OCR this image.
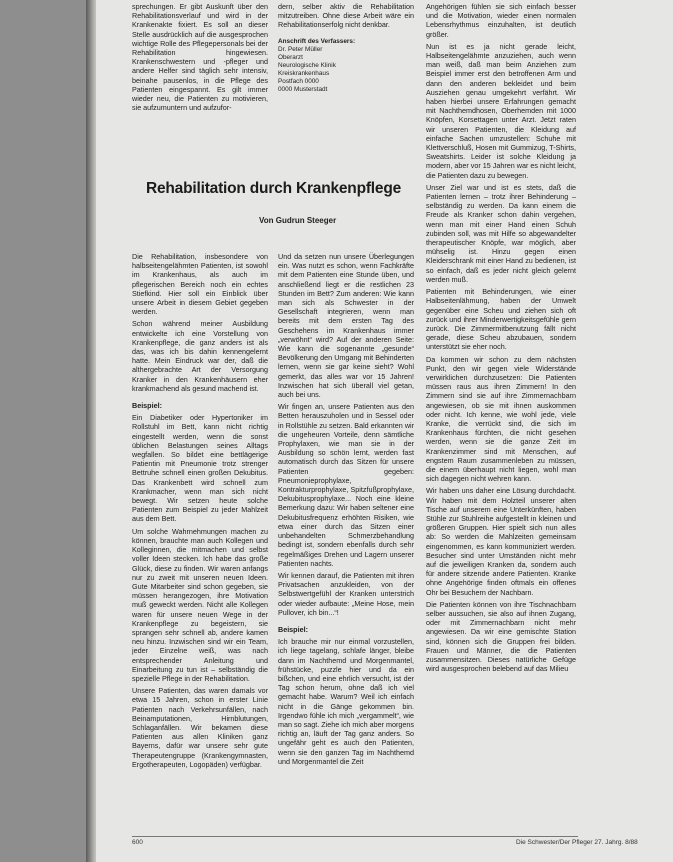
sprechungen. Er gibt Auskunft über den Rehabilitationsverlauf und wird in der Krankenakte fixiert. Es soll an dieser Stelle ausdrücklich auf die ausgesprochen wichtige Rolle des Pflegepersonals bei der Rehabilitation hingewiesen. Krankenschwestern und -pfleger und andere Helfer sind täglich sehr intensiv, beinahe pausenlos, in die Pflege des Patienten eingespannt. Es gilt immer wieder neu, die Patienten zu motivieren, sie aufzumuntern und aufzufor-

dern, selber aktiv die Rehabilitation mitzutreiben. Ohne diese Arbeit wäre ein Rehabilitationserfolg nicht denkbar.

Anschrift des Verfassers:
Dr. Peter Müller
Oberarzt
Neurologische Klinik
Kreiskrankenhaus
Postfach 0000
0000 Musterstadt
Rehabilitation durch Krankenpflege
Von Gudrun Steeger

Die Rehabilitation, insbesondere von halbseitengelähmten Patienten, ist sowohl im Krankenhaus, als auch im pflegerischen Bereich noch ein echtes Stiefkind. Hier soll ein Einblick über unsere Arbeit in diesem Gebiet gegeben werden.

Schon während meiner Ausbildung entwickelte ich eine Vorstellung von Krankenpflege, die ganz anders ist als das, was ich bis dahin kennengelernt hatte. Mein Eindruck war der, daß die althergebrachte Art der Versorgung Kranker in den Krankenhäusern eher krankmachend als gesund machend ist.

Beispiel:

Ein Diabetiker oder Hypertoniker im Rollstuhl im Bett, kann nicht richtig eingestellt werden, wenn die sonst üblichen Belastungen seines Alltags wegfallen. So bildet eine bettlägerige Patientin mit Pneumonie trotz strenger Bettruhe schnell einen großen Dekubitus. Das Krankenbett wird schnell zum Krankmacher, wenn man sich nicht bewegt. Wir setzen heute solche Patienten zum Beispiel zu jeder Mahlzeit aus dem Bett.

Um solche Wahrnehmungen machen zu können, brauchte man auch Kollegen und Kolleginnen, die mitmachen und selbst voller Ideen stecken. Ich habe das große Glück, diese zu finden. Wir waren anfangs nur zu zweit mit unseren neuen Ideen. Gute Mitarbeiter sind schon gegeben, sie müssen herangezogen, ihre Motivation muß geweckt werden. Nicht alle Kollegen waren für unsere neuen Wege in der Krankenpflege zu begeistern, sie sprangen sehr schnell ab, andere kamen neu hinzu. Inzwischen sind wir ein Team, jeder Einzelne weiß, was nach entsprechender Anleitung und Einarbeitung zu tun ist – selbständig die spezielle Pflege in der Rehabilitation.

Unsere Patienten, das waren damals vor etwa 15 Jahren, schon in erster Linie Patienten nach Verkehrsunfällen, nach Beinamputationen, Hirnblutungen, Schlaganfällen. Wir bekamen diese Patienten aus allen Kliniken ganz Bayerns, dafür war unsere sehr gute Therapeutengruppe (Krankengymnasten, Ergotherapeuten, Logopäden) verfügbar.

Und da setzen nun unsere Überlegungen ein. Was nutzt es schon, wenn Fachkräfte mit dem Patienten eine Stunde üben, und anschließend liegt er die restlichen 23 Stunden im Bett? Zum anderen: Wie kann man sich als Schwester in der Gesellschaft integrieren, wenn man bereits mit dem ersten Tag des Geschehens im Krankenhaus immer „verwöhnt“ wird? Auf der anderen Seite: Wie kann die sogenannte „gesunde“ Bevölkerung den Umgang mit Behinderten lernen, wenn sie gar keine sieht? Wohl gemerkt, das alles war vor 15 Jahren! Inzwischen hat sich überall viel getan, auch bei uns.

Wir fingen an, unsere Patienten aus den Betten herauszuholen und in Sessel oder in Rollstühle zu setzen. Bald erkannten wir die ungeheuren Vorteile, denn sämtliche Prophylaxen, wie man sie in der Ausbildung so schön lernt, werden fast automatisch durch das Sitzen für unsere Patienten gegeben: Pneumonieprophylaxe, Kontrakturprophylaxe, Spitzfußprophylaxe, Dekubitusprophylaxe... Noch eine kleine Bemerkung dazu: Wir haben seltener eine Dekubitusfrequenz erhöhten Risiken, wie etwa einer durch das Sitzen einer unbehandelten Schmerzbehandlung bedingt ist, sondern ebenfalls durch sehr regelmäßiges Drehen und Lagern unserer Patienten nachts.

Wir kennen darauf, die Patienten mit ihren Privatsachen anzukleiden, von der Selbstwertgefühl der Kranken unterstrich oder wieder aufbaute: „Meine Hose, mein Pullover, ich bin...“!

Beispiel:

Ich brauche mir nur einmal vorzustellen, ich liege tagelang, schlafe länger, bleibe dann im Nachthemd und Morgenmantel, frühstücke, puzzle hier und da ein bißchen, und eine ehrlich versucht, ist der Tag schon herum, ohne daß ich viel gemacht habe. Warum? Weil ich einfach nicht in die Gänge gekommen bin. Irgendwo fühle ich mich „vergammelt“, wie man so sagt. Ziehe ich mich aber morgens richtig an, läuft der Tag ganz anders. So ungefähr geht es auch den Patienten, wenn sie den ganzen Tag im Nachthemd und Morgenmantel die Zeit

Angehörigen fühlen sie sich einfach besser und die Motivation, wieder einen normalen Lebensrhythmus einzuhalten, ist deutlich größer.

Nun ist es ja nicht gerade leicht, Halbseitengelähmte anzuziehen, auch wenn man weiß, daß man beim Anziehen zum Beispiel immer erst den betroffenen Arm und dann den anderen bekleidet und beim Ausziehen genau umgekehrt verfährt. Wir haben hierbei unsere Erfahrungen gemacht mit Nachthemdhosen, Oberhemden mit 1000 Knöpfen, Korsettagen unter Arzt. Jetzt raten wir unseren Patienten, die Kleidung auf einfache Sachen umzustellen: Schuhe mit Klettverschluß, Hosen mit Gummizug, T-Shirts, Sweatshirts. Leider ist solche Kleidung ja modern, aber vor 15 Jahren war es nicht leicht, die Patienten dazu zu bewegen.

Unser Ziel war und ist es stets, daß die Patienten lernen – trotz ihrer Behinderung – selbständig zu werden. Da kann einem die Freude als Kranker schon dahin vergehen, wenn man mit einer Hand einen Schuh zubinden soll, was mit Hilfe so abgewandelter therapeutischer Knöpfe, war möglich, aber mühselig ist. Hinzu gegen einen Kleiderschrank mit einer Hand zu bedienen, ist so einfach, daß es jeder nicht gleich gelernt werden muß.

Patienten mit Behinderungen, wie einer Halbseitenlähmung, haben der Umwelt gegenüber eine Scheu und ziehen sich oft zurück und ihrer Minderwertigkeitsgefühle gern zurück. Die Zimmermitbenutzung fällt nicht gerade, diese Scheu abzubauen, sondern unterstützt sie eher noch.

Da kommen wir schon zu dem nächsten Punkt, den wir gegen viele Widerstände verwirklichen durchzusetzen: Die Patienten müssen raus aus ihren Zimmern! In den Zimmern sind sie auf ihre Zimmernachbarn angewiesen, ob sie mit ihnen auskommen oder nicht. Ich kenne, wie wohl jede, viele Kranke, die verrückt sind, die sich im Krankenhaus fürchten, die nicht gesehen werden, wenn sie die ganze Zeit im Krankenzimmer sind mit Menschen, auf engstem Raum zusammenleben zu müssen, die einem überhaupt nicht liegen, wohl man sich dagegen nicht wehren kann.

Wir haben uns daher eine Lösung durchdacht. Wir haben mit dem Holzteil unserer alten Tische auf unserem eine Unterkünften, haben Stühle zur Stuhlreihe aufgestellt in kleinen und größeren Gruppen. Hier spielt sich nun alles ab: So werden die Mahlzeiten gemeinsam eingenommen, es kann kommuniziert werden. Besucher sind unter Umständen nicht mehr auf die jeweiligen Kranken da, sondern auch für andere sitzende andere Patienten. Kranke ohne Angehörige finden oftmals ein offenes Ohr bei Besuchern der Nachbarn.

Die Patienten können von ihre Tischnachbarn selber aussuchen, sie also auf ihnen Zugang, oder mit Zimmernachbarn nicht mehr angewiesen. Da wir eine gemischte Station sind, können sich die Gruppen frei bilden. Frauen und Männer, die die Patienten zusammensitzen. Dieses natürliche Gefüge wird ausgesprochen belebend auf das Milieu

600	Die Schwester/Der Pfleger 27. Jahrg. 8/88
